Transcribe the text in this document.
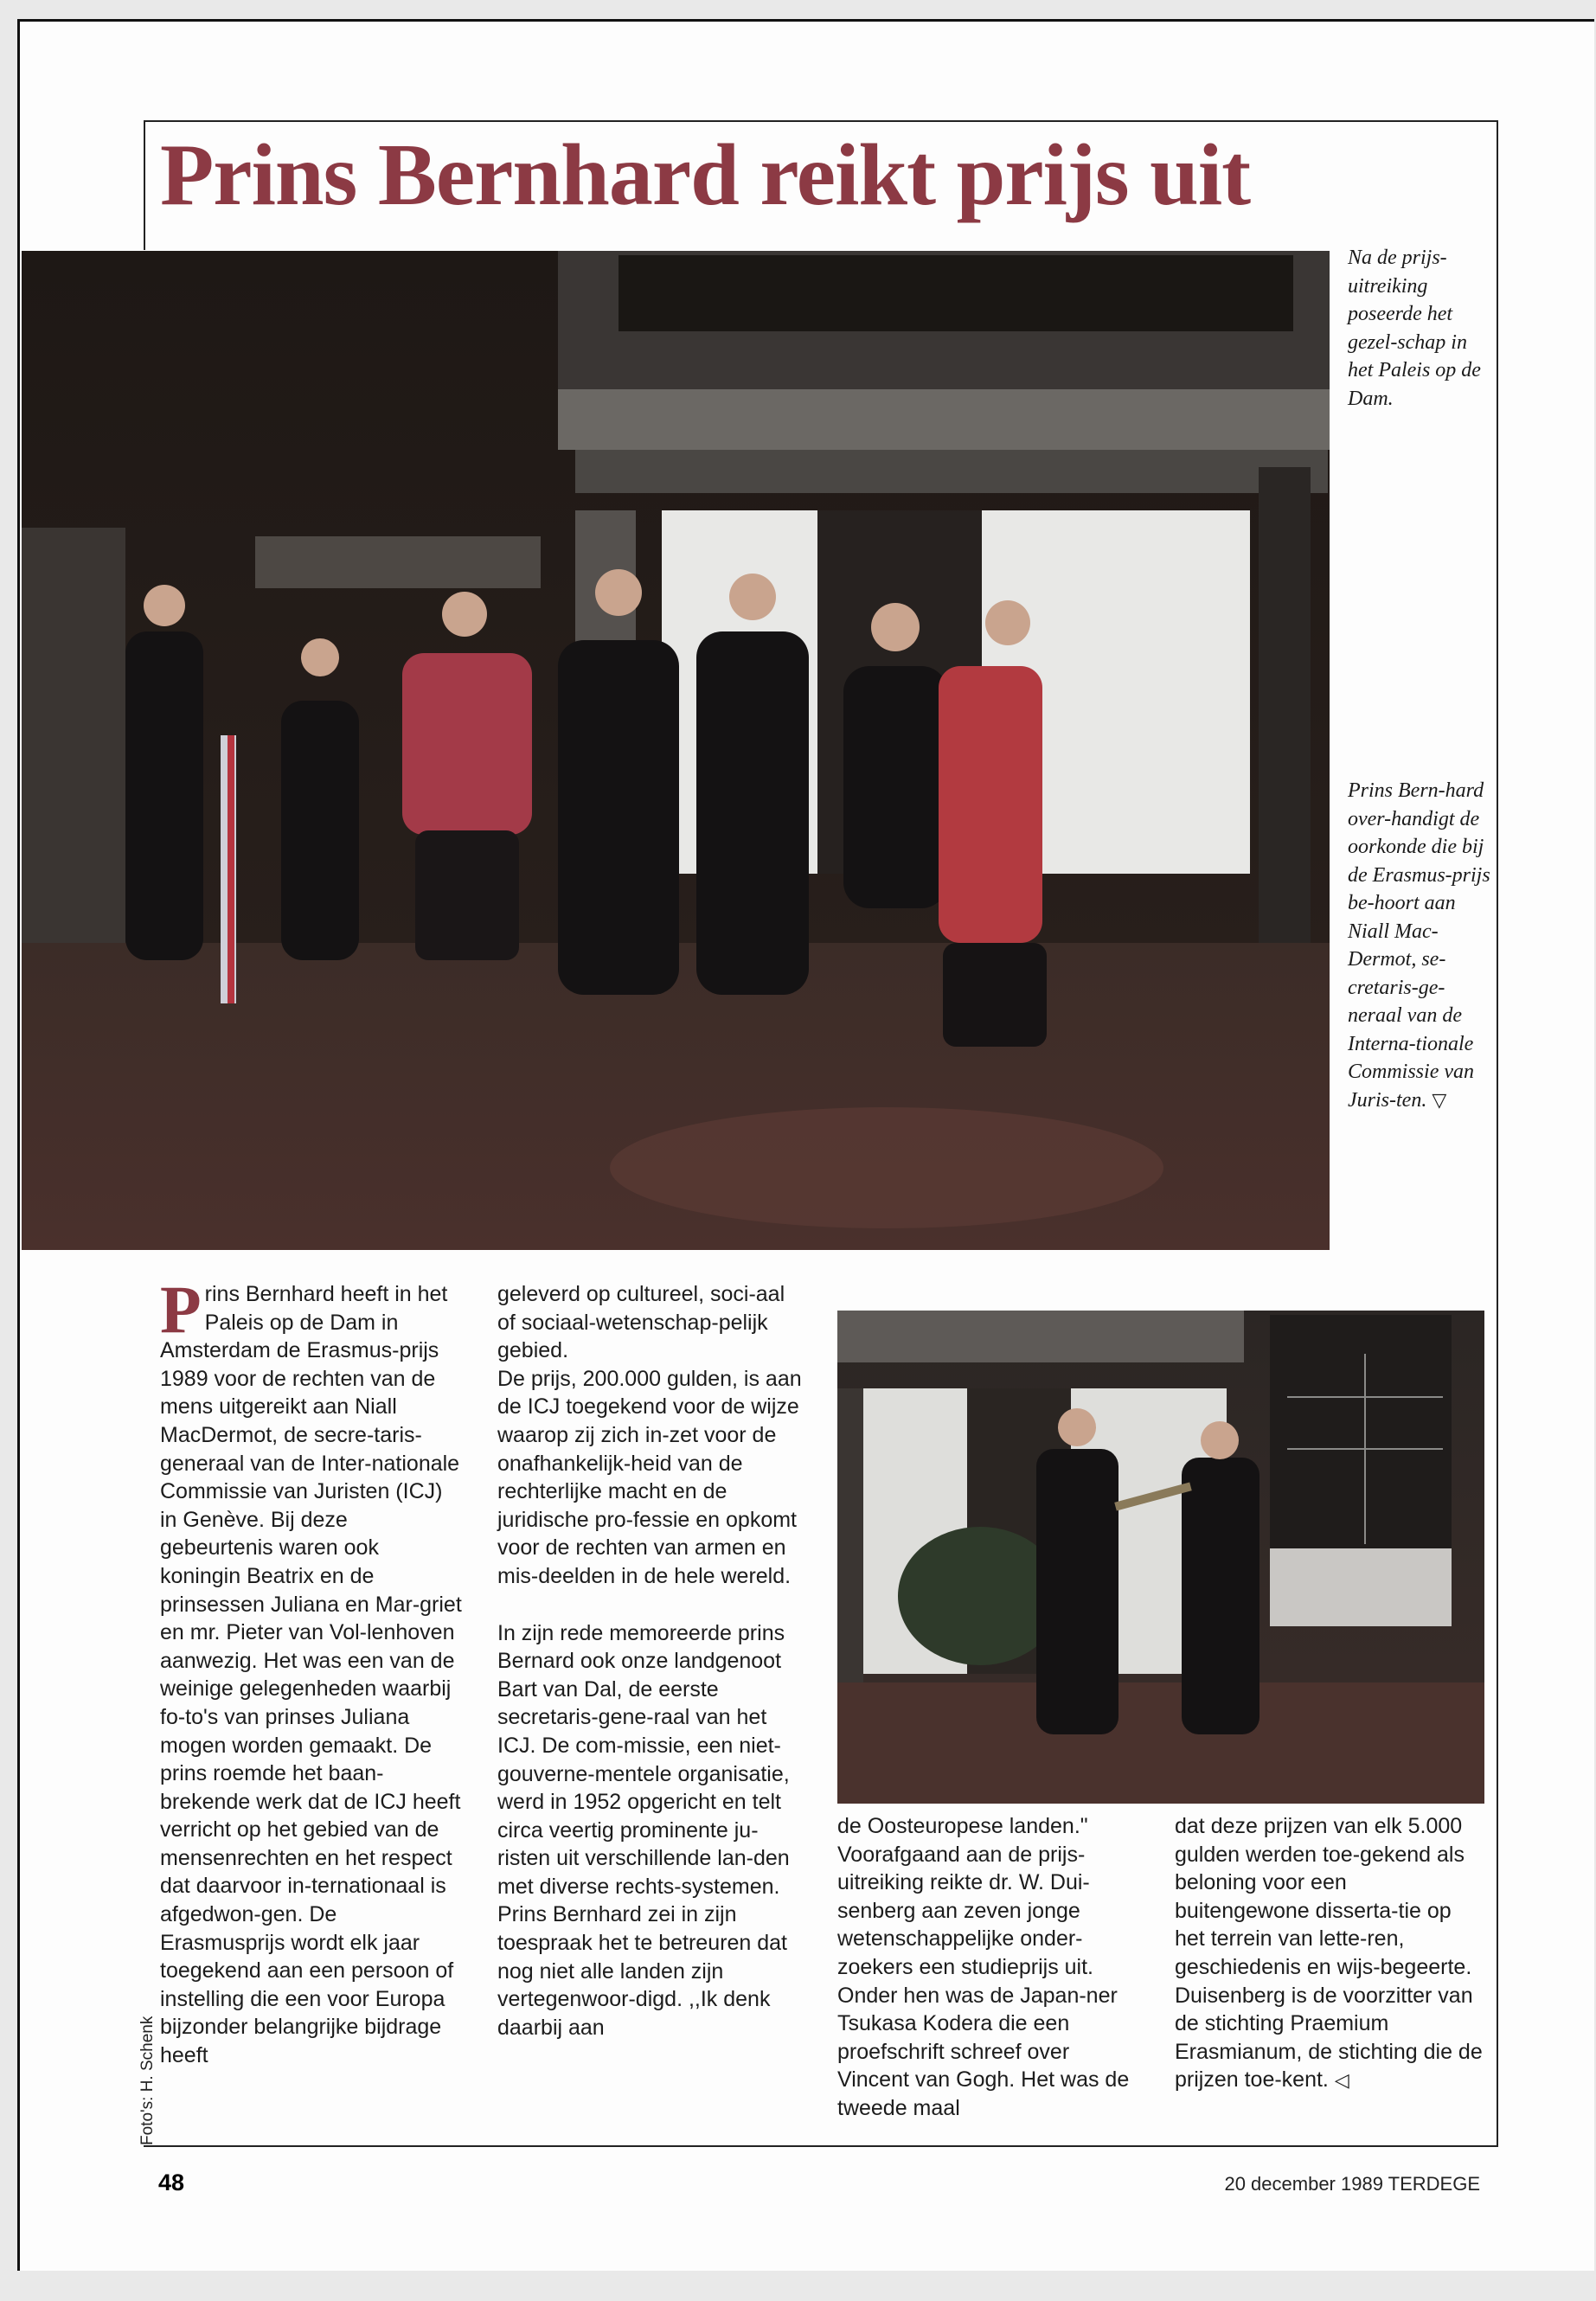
Prins Bernhard reikt prijs uit

Na de prijs-uitreiking poseerde het gezel-schap in het Paleis op de Dam.

Prins Bern-hard over-handigt de oorkonde die bij de Erasmus-prijs be-hoort aan Niall Mac-Dermot, se-cretaris-ge-neraal van de Interna-tionale Commissie van Juris-ten. ▽

Prins Bernhard heeft in het Paleis op de Dam in Amsterdam de Erasmus-prijs 1989 voor de rechten van de mens uitgereikt aan Niall MacDermot, de secre-taris-generaal van de Inter-nationale Commissie van Juristen (ICJ) in Genève. Bij deze gebeurtenis waren ook koningin Beatrix en de prinsessen Juliana en Mar-griet en mr. Pieter van Vol-lenhoven aanwezig. Het was een van de weinige gelegenheden waarbij fo-to's van prinses Juliana mogen worden gemaakt. De prins roemde het baan-brekende werk dat de ICJ heeft verricht op het gebied van de mensenrechten en het respect dat daarvoor in-ternationaal is afgedwon-gen. De Erasmusprijs wordt elk jaar toegekend aan een persoon of instelling die een voor Europa bijzonder belangrijke bijdrage heeft

geleverd op cultureel, soci-aal of sociaal-wetenschap-pelijk gebied.

De prijs, 200.000 gulden, is aan de ICJ toegekend voor de wijze waarop zij zich in-zet voor de onafhankelijk-heid van de rechterlijke macht en de juridische pro-fessie en opkomt voor de rechten van armen en mis-deelden in de hele wereld.

In zijn rede memoreerde prins Bernard ook onze landgenoot Bart van Dal, de eerste secretaris-gene-raal van het ICJ. De com-missie, een niet-gouverne-mentele organisatie, werd in 1952 opgericht en telt circa veertig prominente ju-risten uit verschillende lan-den met diverse rechts-systemen. Prins Bernhard zei in zijn toespraak het te betreuren dat nog niet alle landen zijn vertegenwoor-digd. ,,Ik denk daarbij aan

de Oosteuropese landen." Voorafgaand aan de prijs-uitreiking reikte dr. W. Dui-senberg aan zeven jonge wetenschappelijke onder-zoekers een studieprijs uit. Onder hen was de Japan-ner Tsukasa Kodera die een proefschrift schreef over Vincent van Gogh. Het was de tweede maal

dat deze prijzen van elk 5.000 gulden werden toe-gekend als beloning voor een buitengewone disserta-tie op het terrein van lette-ren, geschiedenis en wijs-begeerte. Duisenberg is de voorzitter van de stichting Praemium Erasmianum, de stichting die de prijzen toe-kent. ◁

Foto's: H. Schenk

48	20 december 1989 TERDEGE
